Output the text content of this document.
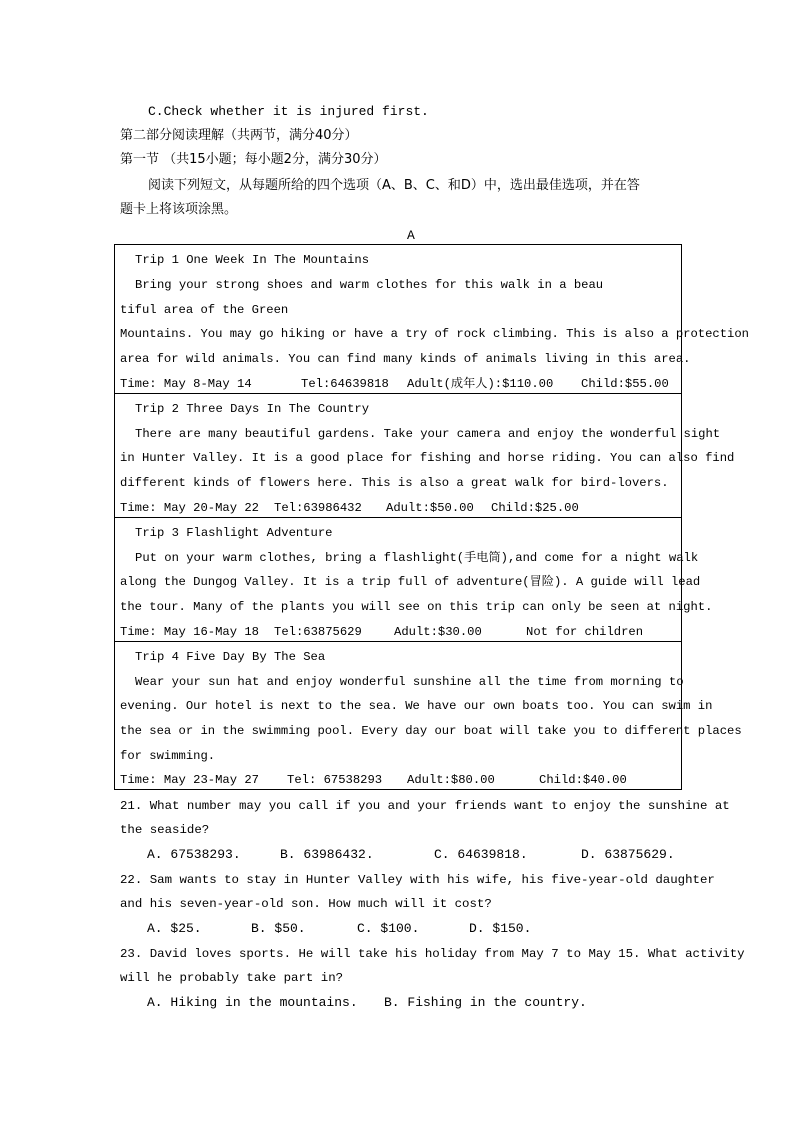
C.Check whether it is injured first.
第二部分阅读理解（共两节，满分40分）
第一节 （共15小题；每小题2分，满分30分）
阅读下列短文，从每题所给的四个选项（A、B、C、和D）中，选出最佳选项，并在答
题卡上将该项涂黑。
A
Trip 1 One Week In The Mountains
Bring your strong shoes and warm clothes for this walk in a beau
tiful area of the Green
Mountains. You may go hiking or have a try of rock climbing. This is also a protection
area for wild animals. You can find many kinds of animals living in this area.
Time: May 8-May 14	Tel:64639818 Adult(成年人):$110.00 Child:$55.00
Trip 2 Three Days In The Country
There are many beautiful gardens. Take your camera and enjoy the wonderful sight
in Hunter Valley. It is a good place for fishing and horse riding. You can also find
different kinds of flowers here. This is also a great walk for bird-lovers.
Time: May 20-May 22 Tel:63986432 Adult:$50.00 Child:$25.00
Trip 3 Flashlight Adventure
Put on your warm clothes, bring a flashlight(手电筒),and come for a night walk
along the Dungog Valley. It is a trip full of adventure(冒险). A guide will lead
the tour. Many of the plants you will see on this trip can only be seen at night.
Time: May 16-May 18 Tel:63875629	Adult:$30.00	Not for children
Trip 4 Five Day By The Sea
Wear your sun hat and enjoy wonderful sunshine all the time from morning to
evening. Our hotel is next to the sea. We have our own boats too. You can swim in
the sea or in the swimming pool. Every day our boat will take you to different places
for swimming.
Time: May 23-May 27 Tel: 67538293 Adult:$80.00	Child:$40.00
21. What number may you call if you and your friends want to enjoy the sunshine at
the seaside?
A. 67538293.	B. 63986432.	C. 64639818.	D. 63875629.
22. Sam wants to stay in Hunter Valley with his wife, his five-year-old daughter
and his seven-year-old son. How much will it cost?
A. $25.	B. $50.	C. $100.	D. $150.
23. David loves sports. He will take his holiday from May 7 to May 15. What activity
will he probably take part in?
A. Hiking in the mountains. B. Fishing in the country.
